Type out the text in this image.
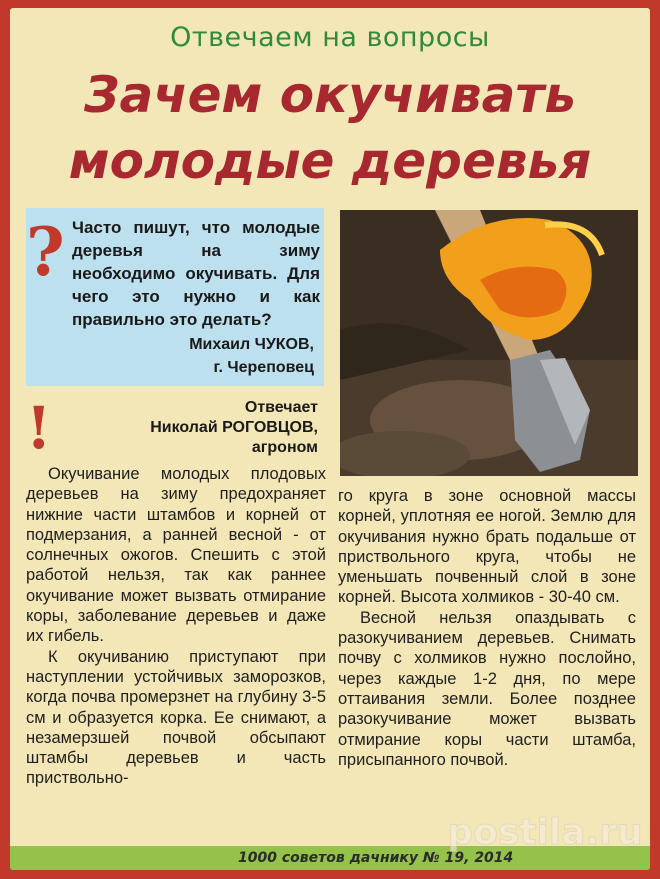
Отвечаем на вопросы
Зачем окучивать
молодые деревья
? Часто пишут, что молодые деревья на зиму необходимо окучивать. Для чего это нужно и как правильно это делать?
Михаил ЧУКОВ,
г. Череповец
!	Отвечает
Николай РОГОВЦОВ,
агроном

Окучивание молодых плодовых деревьев на зиму предохраняет нижние части штамбов и корней от подмерзания, а ранней весной - от солнечных ожогов. Спешить с этой работой нельзя, так как раннее окучивание может вызвать отмирание коры, заболевание деревьев и даже их гибель.

К окучиванию приступают при наступлении устойчивых заморозков, когда почва промерзнет на глубину 3-5 см и образуется корка. Ее снимают, а незамерзшей почвой обсыпают штамбы деревьев и часть приствольно-

го круга в зоне основной массы корней, уплотняя ее ногой. Землю для окучивания нужно брать подальше от приствольного круга, чтобы не уменьшать почвенный слой в зоне корней. Высота холмиков - 30-40 см.

Весной нельзя опаздывать с разокучиванием деревьев. Снимать почву с холмиков нужно послойно, через каждые 1-2 дня, по мере оттаивания земли. Более позднее разокучивание может вызвать отмирание коры части штамба, присыпанного почвой.

1000 советов дачнику № 19, 2014
postila.ru
